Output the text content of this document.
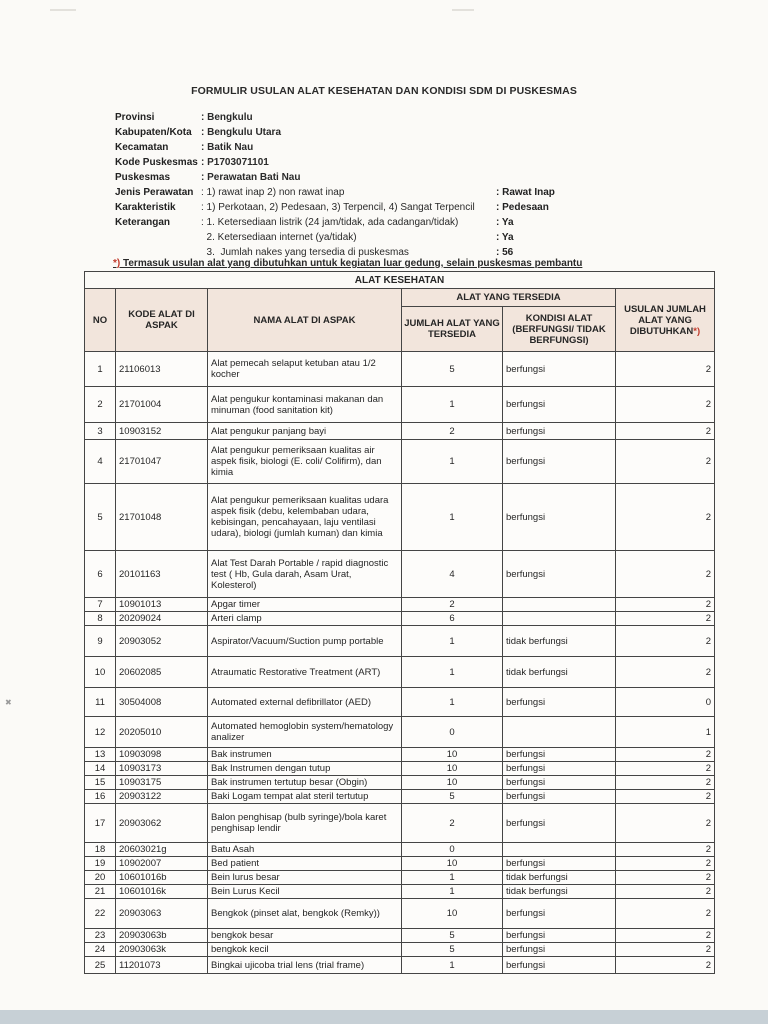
FORMULIR USULAN ALAT KESEHATAN DAN KONDISI SDM DI PUSKESMAS
Provinsi	: Bengkulu
Kabupaten/Kota : Bengkulu Utara
Kecamatan	: Batik Nau
Kode Puskesmas : P1703071101
Puskesmas	: Perawatan Bati Nau
Jenis Perawatan : 1) rawat inap 2) non rawat inap	: Rawat Inap
Karakteristik	: 1) Perkotaan, 2) Pedesaan, 3) Terpencil, 4) Sangat Terpencil : Pedesaan
Keterangan	: 1. Ketersediaan listrik (24 jam/tidak, ada cadangan/tidak)	: Ya
2. Ketersediaan internet (ya/tidak)	: Ya
3.  Jumlah nakes yang tersedia di puskesmas	: 56
*) Termasuk usulan alat yang dibutuhkan untuk kegiatan luar gedung, selain puskesmas pembantu
ALAT KESEHATAN					
NO	KODE ALAT DI ASPAK	NAMA ALAT DI ASPAK	ALAT YANG TERSEDIA		USULAN JUMLAH ALAT YANG DIBUTUHKAN*)
			JUMLAH ALAT YANG TERSEDIA	KONDISI ALAT (BERFUNGSI/ TIDAK BERFUNGSI)	

1	21106013	Alat pemecah selaput ketuban atau 1/2 kocher	5	berfungsi	2
2	21701004	Alat pengukur kontaminasi makanan dan minuman (food sanitation kit)	1	berfungsi	2
3	10903152	Alat pengukur panjang bayi	2	berfungsi	2
4	21701047	Alat pengukur pemeriksaan kualitas air aspek fisik, biologi (E. coli/ Colifirm), dan kimia	1	berfungsi	2
5	21701048	Alat pengukur pemeriksaan kualitas udara aspek fisik (debu, kelembaban udara, kebisingan, pencahayaan, laju ventilasi udara), biologi (jumlah kuman) dan kimia	1	berfungsi	2
6	20101163	Alat Test Darah Portable / rapid diagnostic test ( Hb, Gula darah, Asam Urat, Kolesterol)	4	berfungsi	2
7	10901013	Apgar timer	2		2
8	20209024	Arteri clamp	6		2
9	20903052	Aspirator/Vacuum/Suction pump portable	1	tidak berfungsi	2
10	20602085	Atraumatic Restorative Treatment (ART)	1	tidak berfungsi	2
11	30504008	Automated external defibrillator (AED)	1	berfungsi	0
12	20205010	Automated hemoglobin system/hematology analizer	0		1
13	10903098	Bak instrumen	10	berfungsi	2
14	10903173	Bak Instrumen dengan tutup	10	berfungsi	2
15	10903175	Bak instrumen tertutup besar (Obgin)	10	berfungsi	2
16	20903122	Baki Logam tempat alat steril tertutup	5	berfungsi	2
17	20903062	Balon penghisap (bulb syringe)/bola karet penghisap lendir	2	berfungsi	2
18	20603021g	Batu Asah	0		2
19	10902007	Bed patient	10	berfungsi	2
20	10601016b	Bein lurus besar	1	tidak berfungsi	2
21	10601016k	Bein Lurus Kecil	1	tidak berfungsi	2
22	20903063	Bengkok (pinset alat, bengkok (Remky))	10	berfungsi	2
23	20903063b	bengkok besar	5	berfungsi	2
24	20903063k	bengkok kecil	5	berfungsi	2
25	11201073	Bingkai ujicoba trial lens (trial frame)	1	berfungsi	2
✖
